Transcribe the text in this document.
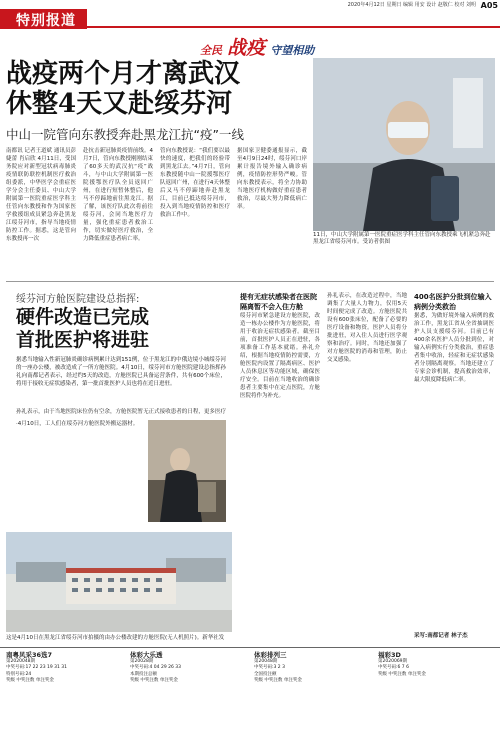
2020年4月12日 星期日 编辑 用安 设计 赵敬仁 校对 刘明 A05
特别报道
全民 战疫 守望相助
战疫两个月才离武汉
休整4天又赴绥芬河
中山一院管向东教授奔赴黑龙江抗“疫”一线
南都讯 记者王道斌 通讯员彭婕蕾 肖启欣 4月11日，受国务院应对新型冠状病毒肺炎疫情联防联控机制医疗救治组委派，中华医学会重症医学分会主任委员、中山大学附属第一医院重症医学科主任管向东教授和作为国家医学救援组成员紧急奔赴黑龙江绥芬河市，指导当地疫情防控工作。据悉，这是管向东教授再一次
赴抗击新冠肺炎疫情前线。4月7日，管向东教授刚刚结束了60多天的武汉抗“疫”战斗，与中山大学附属第一医院援鄂医疗队全员返回广州，在进行短暂休整后，他马不停蹄地前往黑龙江。据了解，该医疗队此次将前往绥芬河，会同当地医疗力量，强化重症患者救治工作，切实做好医疗救治，全力降低重症患者病亡率。
管向东教授说：“我们要以最快的速度，把我们的经验带到黑龙江去。”4月7日，管向东教授随中山一院援鄂医疗队返回广州，在进行4天休整后又马不停蹄地奔赴黑龙江，目前已抵达绥芬河市，投入到当地疫情防控和医疗救治工作中。
据国家卫健委通报显示，截至4月9日24时，绥芬河口岸累计报告境外输入确诊病例，疫情防控形势严峻。管向东教授表示，将全力协助当地医疗机构做好重症患者救治，尽最大努力降低病亡率。
11日，中山大学附属第一医院重症医学科主任管向东教授乘飞机紧急奔赴黑龙江省绥芬河市。受访者供图
绥芬河方舱医院建设总指挥:
硬件改造已完成
首批医护将进驻
据悉当地输入性新冠肺炎确诊病例累计达到151例，位于黑龙江的中俄边境小城绥芬河的一座办公楼，被改造成了一所方舱医院。4月10日，绥芬河市方舱医院建设总指挥孙礼向南都记者表示，经过约5天的改造，方舱医院已具备运营条件，共有600个床位，将用于接收无症状感染者，第一批首批医护人员也将在近日进驻。
孙礼表示，由于当地医院床位仍有空余，方舱医院暂无正式接收患者的日程，更多医疗
·4月10日，工人们在绥芬河方舱医院外搬运器材。
这是4月10日在黑龙江省绥芬河市拍摄的由办公楼改建的方舱医院(无人机照片)。新华社发
提有无症状感染者在医院隔离暂不会入住方舱
绥芬河市紧急建设方舱医院，改造一栋办公楼作为方舱医院，将用于收治无症状感染者。截至目前，首批医护人员正在进驻，各项准备工作基本就绪。孙礼介绍，根据当地疫情防控需要，方舱医院内设置了隔离病区、医护人员休息区等功能区域，确保医疗安全。目前在当地收治的确诊患者主要集中在定点医院，方舱医院将作为补充。
孙礼表示，在改造过程中，当地调集了大量人力物力，仅用5天时间便完成了改造。方舱医院共设有600张床位，配备了必要的医疗设备和物资。医护人员将分批进驻，对入住人员进行医学观察和治疗。同时，当地还加强了对方舱医院的消毒和管理，防止交叉感染。
400名医护分批到位输入病例分类救治
据悉，为做好境外输入病例的救治工作，黑龙江省从全省抽调医护人员支援绥芬河。目前已有400余名医护人员分批到位，对输入病例实行分类救治，重症患者集中收治，轻症和无症状感染者分别隔离观察。当地还建立了专家会诊机制，提高救治效率，最大限度降低病亡率。
采写:南都记者 林子杰
南粤风采36选7
第2020048期
中奖号码:17 22 23 19 31 31
特别号码:24
奖级 中奖注数 单注奖金
体彩大乐透
第20028期
中奖号码:4 04 29 26 33
本期投注总额
奖级 中奖注数 单注奖金
体彩排列三
第20048期
中奖号码:3 2 3
全国投注额
奖级 中奖注数 单注奖金
福彩3D
第2020069期
中奖号码:6 7 6
奖级 中奖注数 单注奖金
